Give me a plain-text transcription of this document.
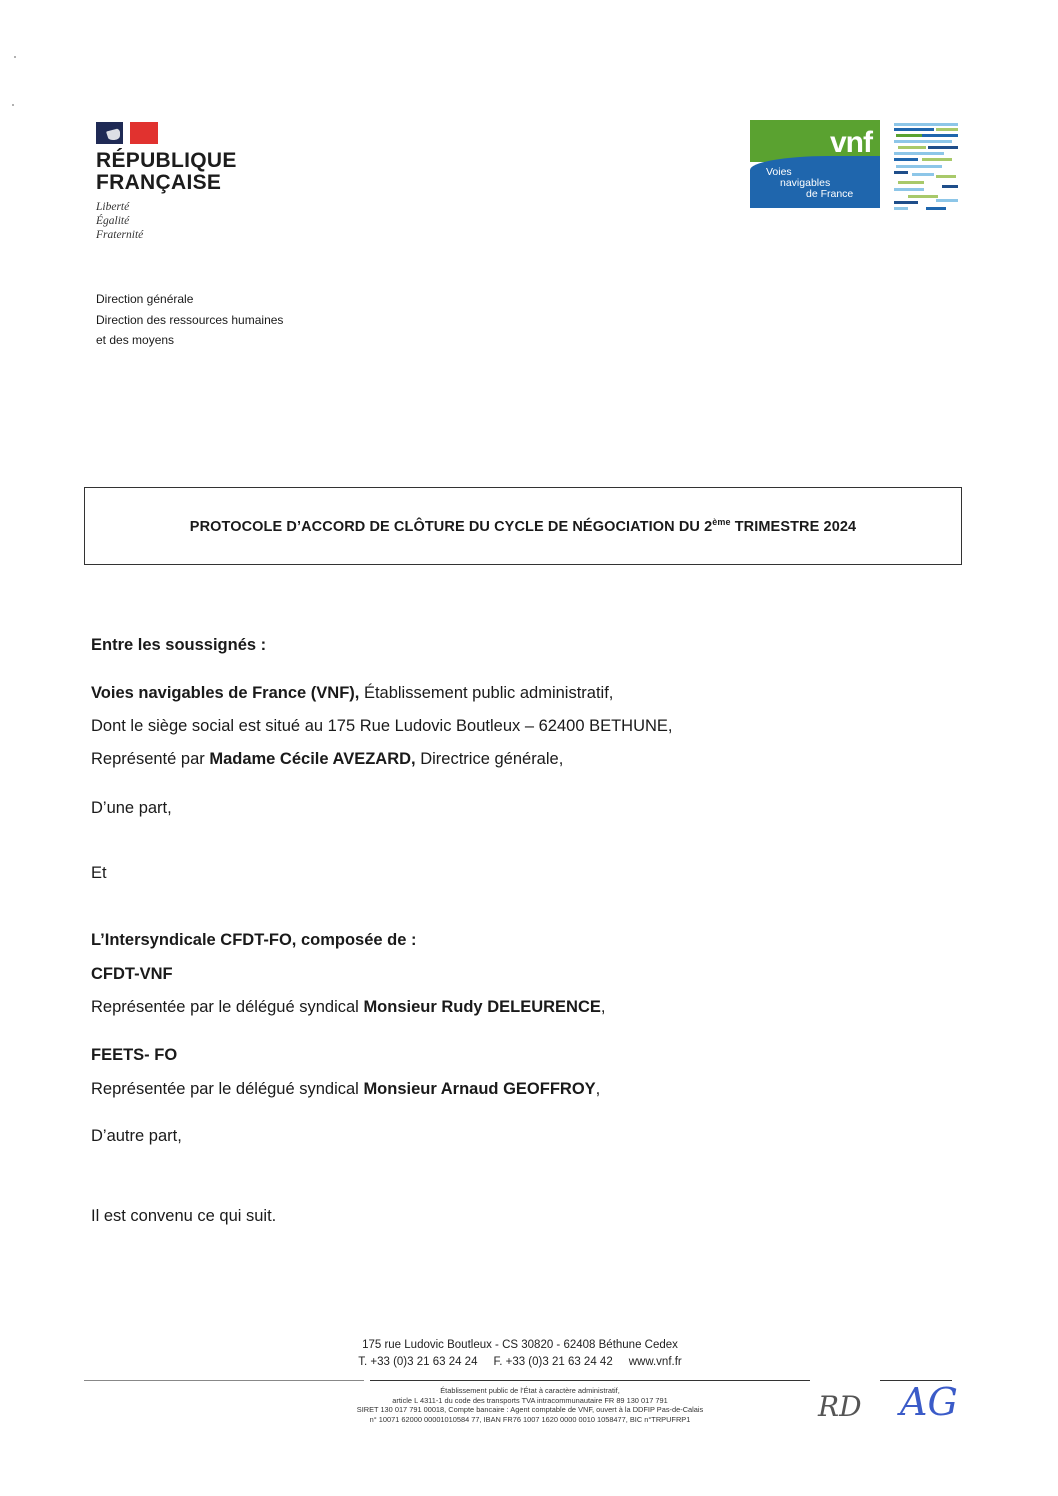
RÉPUBLIQUE
FRANÇAISE
Liberté
Égalité
Fraternité
vnf
Voies
navigables
de France
Direction générale
Direction des ressources humaines
et des moyens
PROTOCOLE D’ACCORD DE CLÔTURE DU CYCLE DE NÉGOCIATION DU 2ème TRIMESTRE 2024
Entre les soussignés :
Voies navigables de France (VNF), Établissement public administratif,
Dont le siège social est situé au 175 Rue Ludovic Boutleux – 62400 BETHUNE,
Représenté par Madame Cécile AVEZARD, Directrice générale,
D’une part,
Et
L’Intersyndicale CFDT-FO, composée de :
CFDT-VNF
Représentée par le délégué syndical Monsieur Rudy DELEURENCE,
FEETS- FO
Représentée par le délégué syndical Monsieur Arnaud GEOFFROY,
D’autre part,
Il est convenu ce qui suit.
175 rue Ludovic Boutleux - CS 30820 - 62408 Béthune Cedex
T. +33 (0)3 21 63 24 24 F. +33 (0)3 21 63 24 42 www.vnf.fr
Établissement public de l’État à caractère administratif,
article L 4311-1 du code des transports TVA intracommunautaire FR 89 130 017 791
SIRET 130 017 791 00018, Compte bancaire : Agent comptable de VNF, ouvert à la DDFIP Pas-de-Calais
n° 10071 62000 00001010584 77, IBAN FR76 1007 1620 0000 0010 1058477, BIC n°TRPUFRP1	RD AG
